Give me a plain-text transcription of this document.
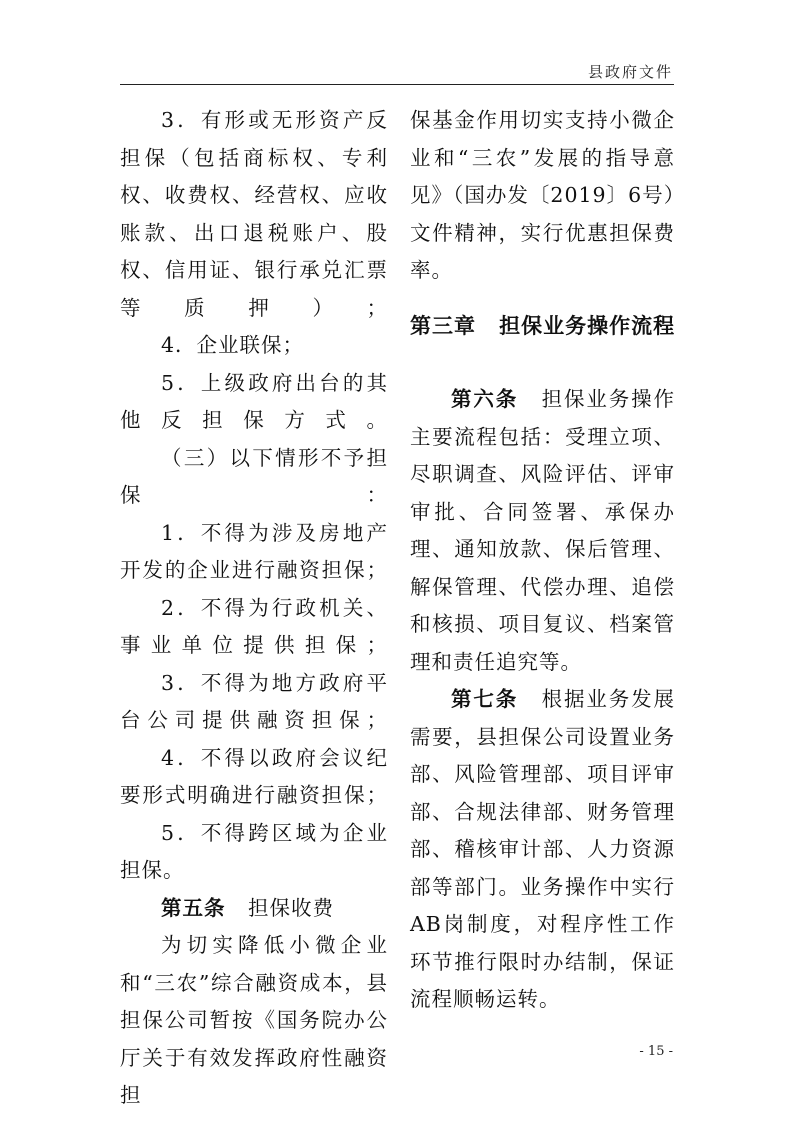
县政府文件

3．有形或无形资产反担保（包括商标权、专利权、收费权、经营权、应收账款、出口退税账户、股权、信用证、银行承兑汇票等质押）；

4．企业联保；

5．上级政府出台的其他反担保方式。

（三）以下情形不予担保：

1．不得为涉及房地产开发的企业进行融资担保；

2．不得为行政机关、事业单位提供担保；

3．不得为地方政府平台公司提供融资担保；

4．不得以政府会议纪要形式明确进行融资担保；

5．不得跨区域为企业担保。

第五条 担保收费

为切实降低小微企业和“三农”综合融资成本，县担保公司暂按《国务院办公厅关于有效发挥政府性融资担

保基金作用切实支持小微企业和“三农”发展的指导意见》（国办发〔2019〕6号）文件精神，实行优惠担保费率。

第三章 担保业务操作流程

第六条 担保业务操作主要流程包括：受理立项、尽职调查、风险评估、评审审批、合同签署、承保办理、通知放款、保后管理、解保管理、代偿办理、追偿和核损、项目复议、档案管理和责任追究等。

第七条 根据业务发展需要，县担保公司设置业务部、风险管理部、项目评审部、合规法律部、财务管理部、稽核审计部、人力资源部等部门。业务操作中实行AB岗制度，对程序性工作环节推行限时办结制，保证流程顺畅运转。

- 15 -
